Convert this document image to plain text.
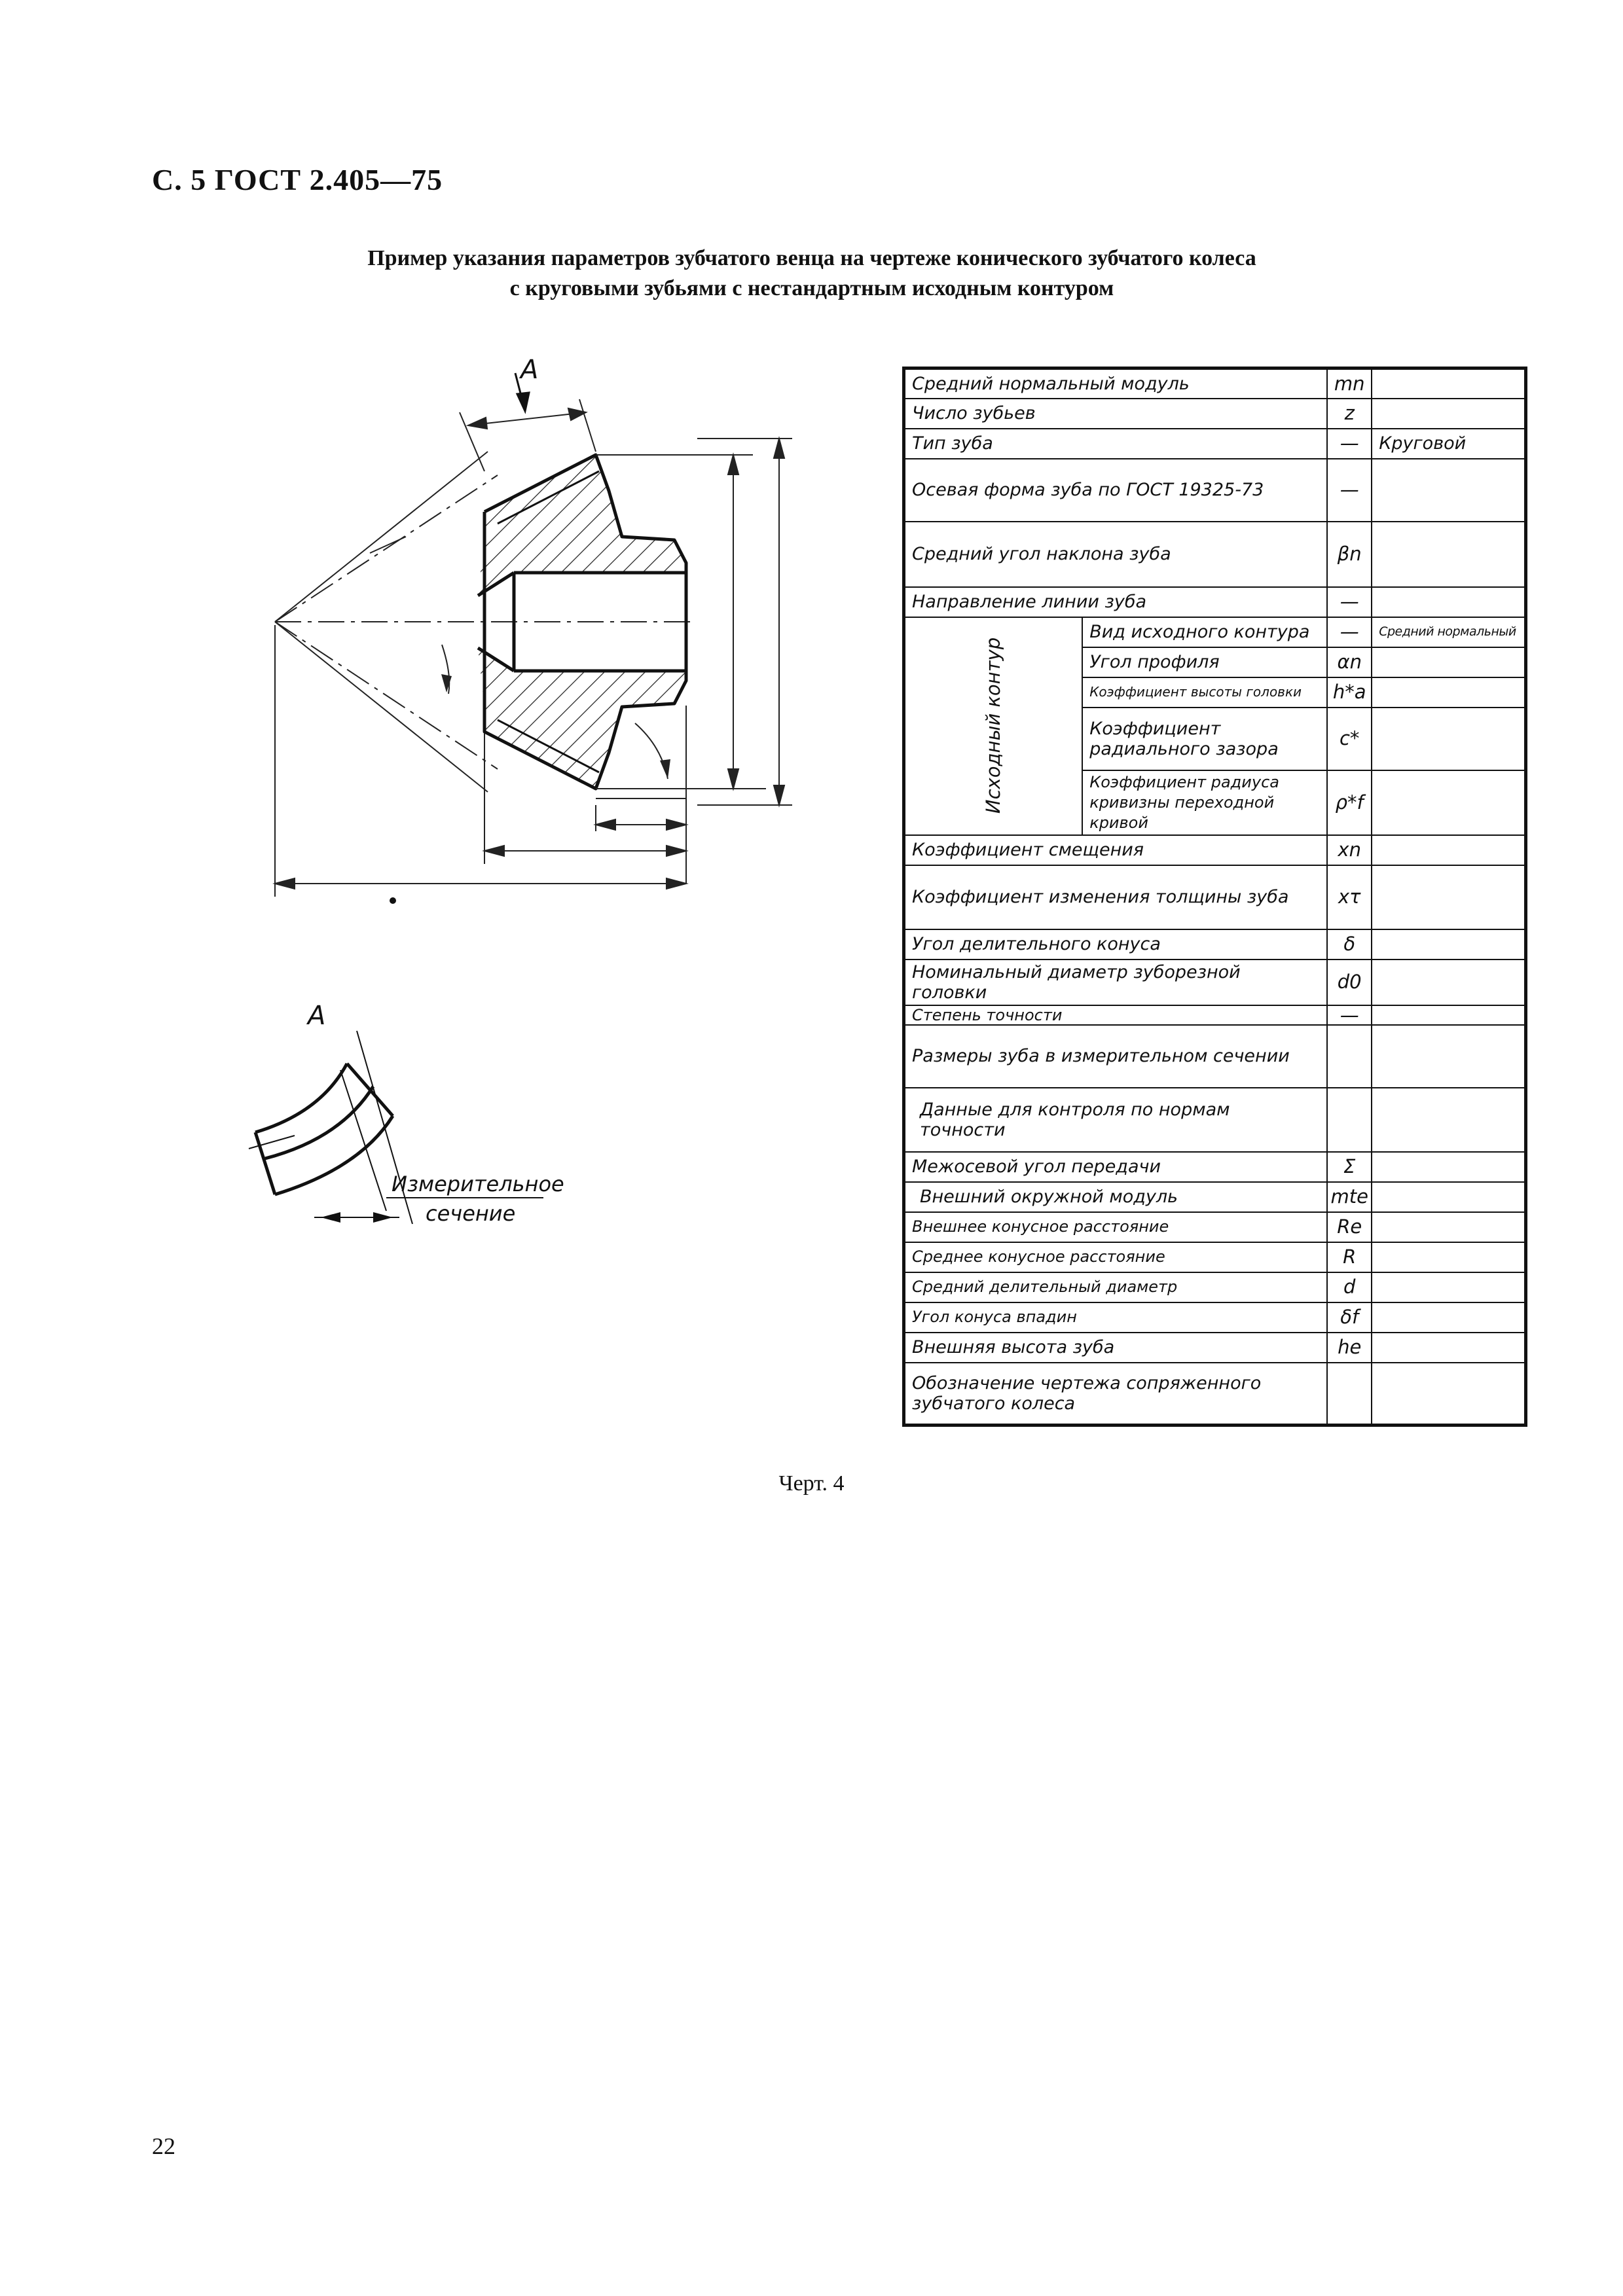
С. 5 ГОСТ 2.405—75
Пример указания параметров зубчатого венца на чертеже конического зубчатого колеса
с круговыми зубьями с нестандартным исходным контуром
А
А
Измерительное
сечение
Средний нормальный модуль		mn	
Число зубьев		z	
Тип зуба		—	Круговой
Осевая форма зуба по ГОСТ 19325-73		—	
Средний угол наклона зуба		βn	
Направление линии зуба		—	
Исходный контур	Вид исходного контура	—	Средний нормальный
	Угол профиля	αn	
	Коэффициент высоты головки	h*a	
	Коэффициент радиального зазора	c*	
	Коэффициент радиуса кривизны переходной кривой	ρ*f	
Коэффициент смещения		xn	
Коэффициент изменения толщины зуба		xτ	
Угол делительного конуса		δ	
Номинальный диаметр зуборезной головки		d0	
Степень точности		—	
Размеры зуба в измерительном сечении			
Данные для контроля по нормам точности			
Межосевой угол передачи		Σ	
Внешний окружной модуль		mte	
Внешнее конусное расстояние		Re	
Среднее конусное расстояние		R	
Средний делительный диаметр		d	
Угол конуса впадин		δf	
Внешняя высота зуба		he	
Обозначение чертежа сопряженного зубчатого колеса			
Черт. 4
22
